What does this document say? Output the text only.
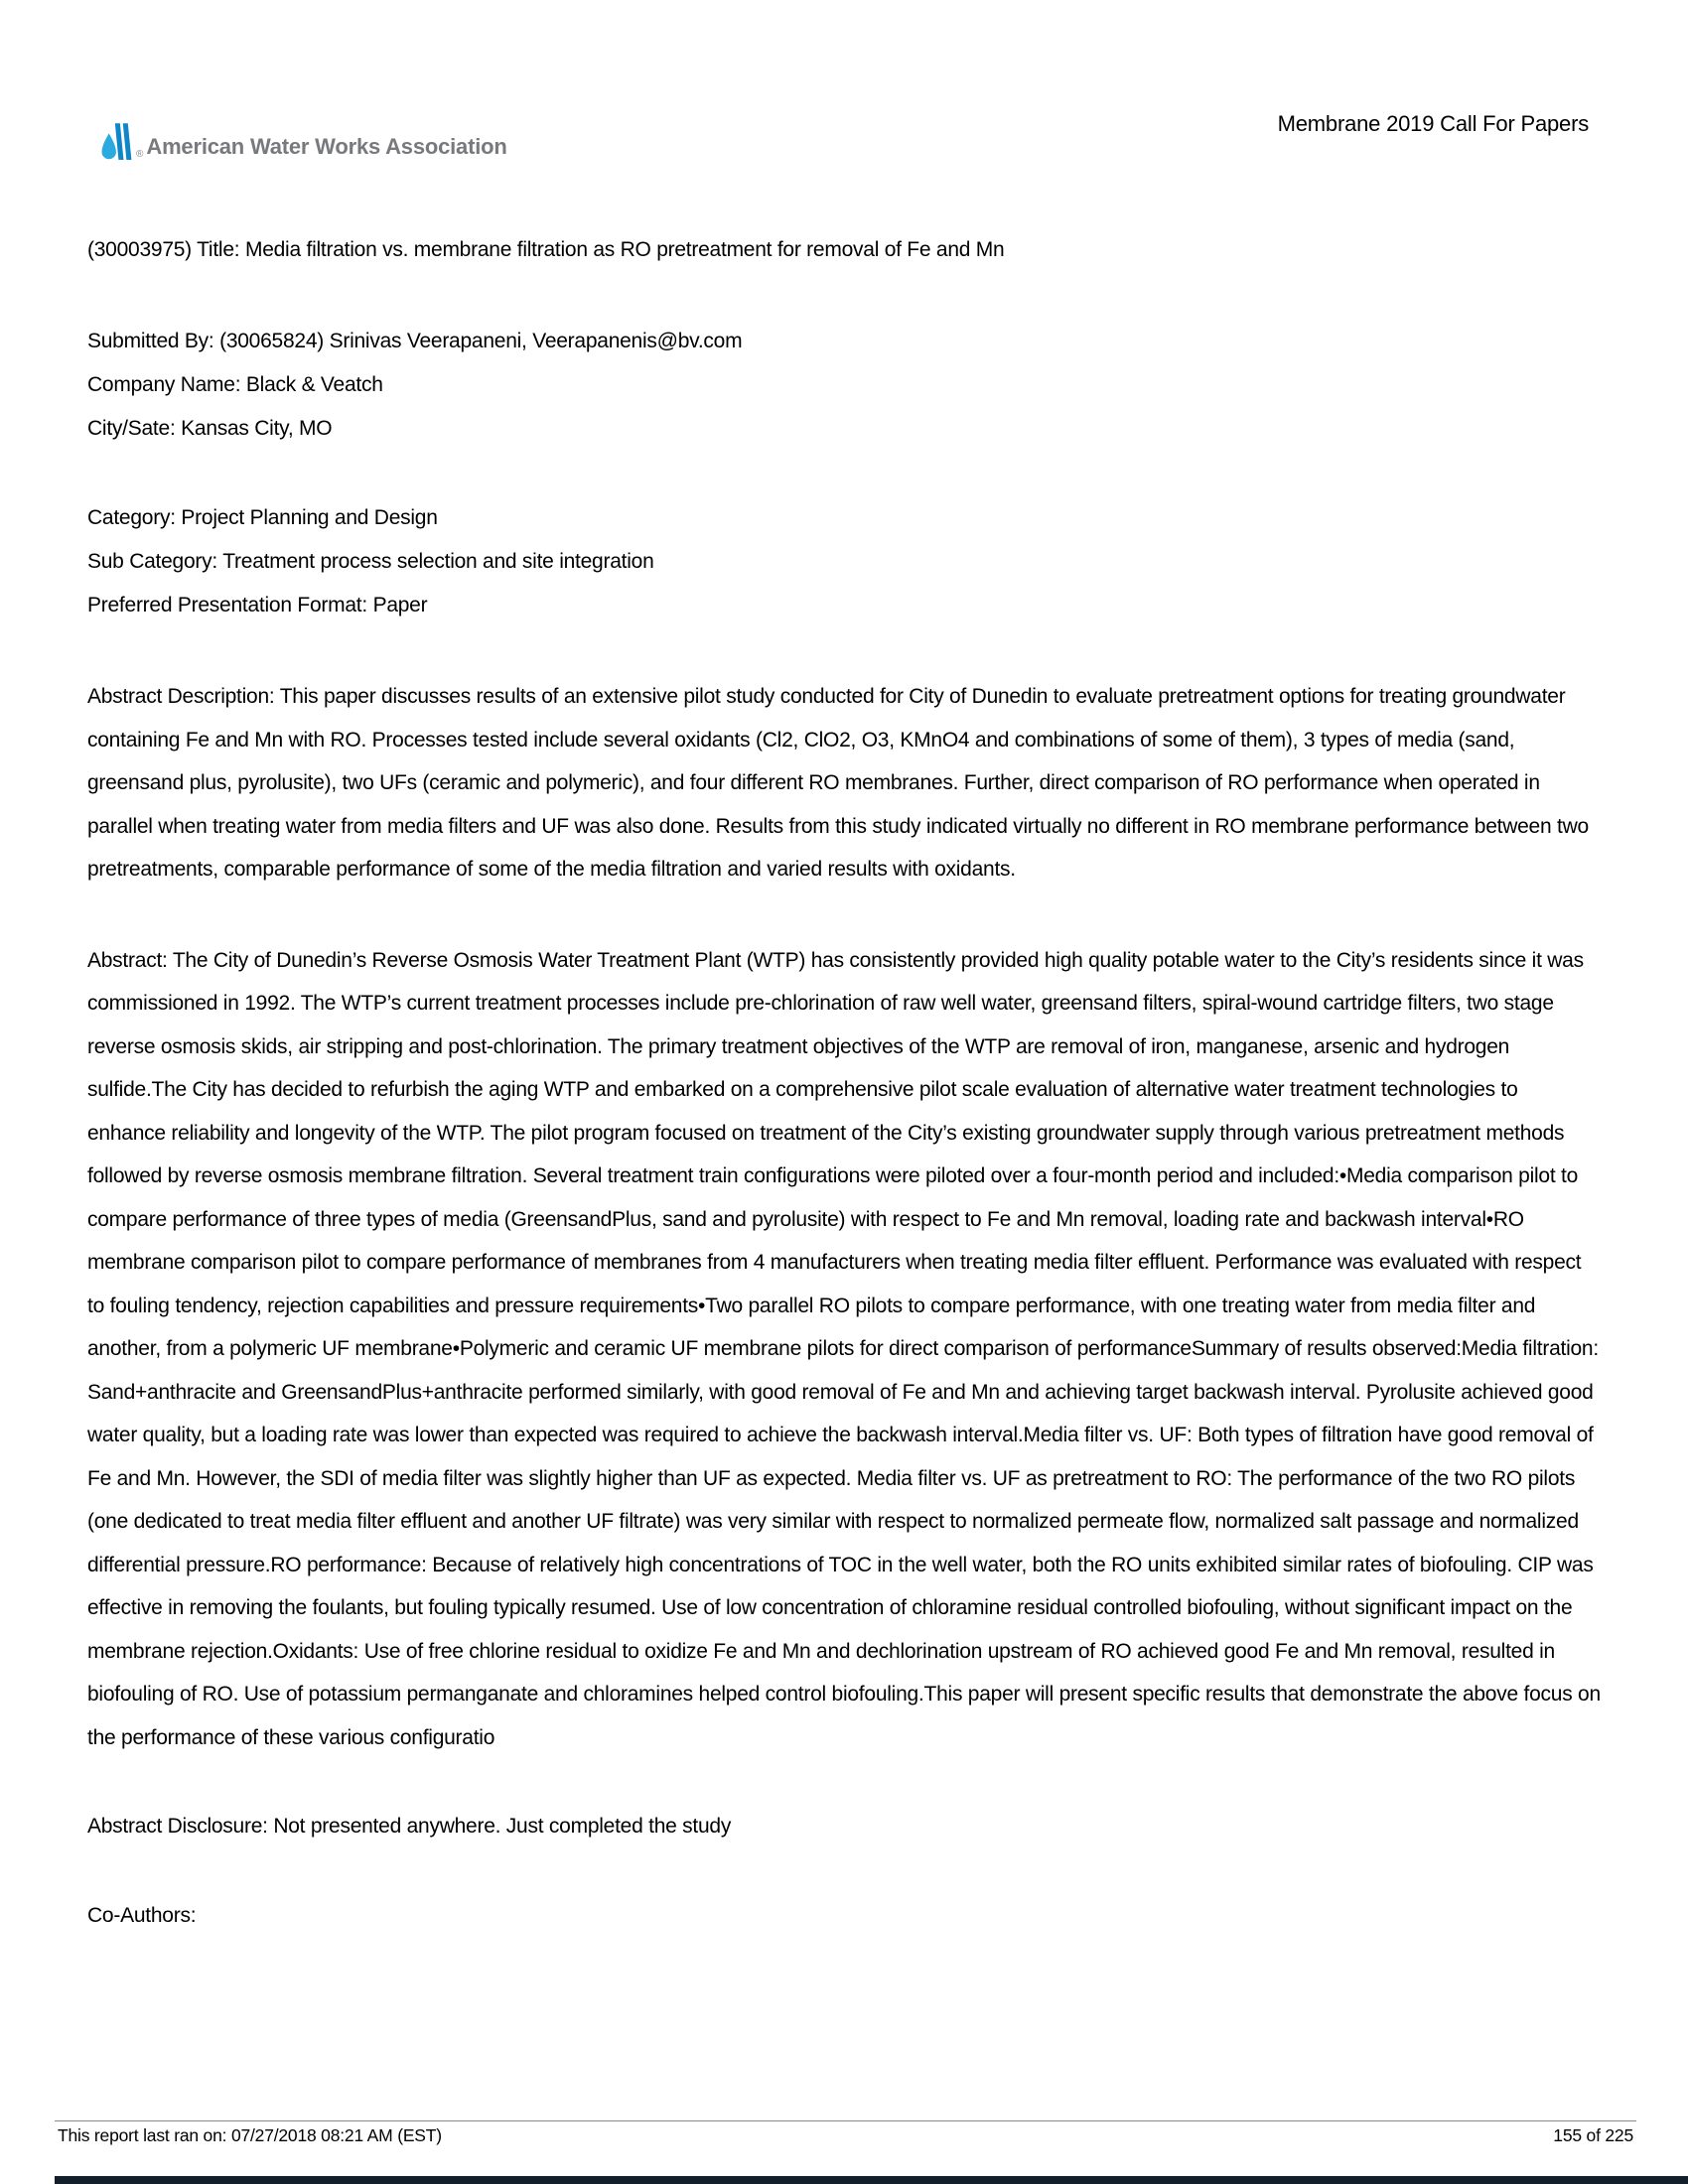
® American Water Works Association
Membrane 2019 Call For Papers

(30003975) Title: Media filtration vs. membrane filtration as RO pretreatment for removal of Fe and Mn

Submitted By: (30065824) Srinivas Veerapaneni, Veerapanenis@bv.com

Company Name: Black & Veatch

City/Sate: Kansas City, MO

Category: Project Planning and Design

Sub Category: Treatment process selection and site integration

Preferred Presentation Format: Paper

Abstract Description: This paper discusses results of an extensive pilot study conducted for City of Dunedin to evaluate pretreatment options for treating groundwater containing Fe and Mn with RO. Processes tested include several oxidants (Cl2, ClO2, O3, KMnO4 and combinations of some of them), 3 types of media (sand, greensand plus, pyrolusite), two UFs (ceramic and polymeric), and four different RO membranes. Further, direct comparison of RO performance when operated in parallel when treating water from media filters and UF was also done. Results from this study indicated virtually no different in RO membrane performance between two pretreatments, comparable performance of some of the media filtration and varied results with oxidants.

Abstract: The City of Dunedin’s Reverse Osmosis Water Treatment Plant (WTP) has consistently provided high quality potable water to the City’s residents since it was commissioned in 1992. The WTP’s current treatment processes include pre-chlorination of raw well water, greensand filters, spiral-wound cartridge filters, two stage reverse osmosis skids, air stripping and post-chlorination. The primary treatment objectives of the WTP are removal of iron, manganese, arsenic and hydrogen sulfide.The City has decided to refurbish the aging WTP and embarked on a comprehensive pilot scale evaluation of alternative water treatment technologies to enhance reliability and longevity of the WTP. The pilot program focused on treatment of the City’s existing groundwater supply through various pretreatment methods followed by reverse osmosis membrane filtration. Several treatment train configurations were piloted over a four-month period and included:•Media comparison pilot to compare performance of three types of media (GreensandPlus, sand and pyrolusite) with respect to Fe and Mn removal, loading rate and backwash interval•RO membrane comparison pilot to compare performance of membranes from 4 manufacturers when treating media filter effluent. Performance was evaluated with respect to fouling tendency, rejection capabilities and pressure requirements•Two parallel RO pilots to compare performance, with one treating water from media filter and another, from a polymeric UF membrane•Polymeric and ceramic UF membrane pilots for direct comparison of performanceSummary of results observed:Media filtration: Sand+anthracite and GreensandPlus+anthracite performed similarly, with good removal of Fe and Mn and achieving target backwash interval. Pyrolusite achieved good water quality, but a loading rate was lower than expected was required to achieve the backwash interval.Media filter vs. UF: Both types of filtration have good removal of Fe and Mn. However, the SDI of media filter was slightly higher than UF as expected. Media filter vs. UF as pretreatment to RO: The performance of the two RO pilots (one dedicated to treat media filter effluent and another UF filtrate) was very similar with respect to normalized permeate flow, normalized salt passage and normalized differential pressure.RO performance: Because of relatively high concentrations of TOC in the well water, both the RO units exhibited similar rates of biofouling. CIP was effective in removing the foulants, but fouling typically resumed. Use of low concentration of chloramine residual controlled biofouling, without significant impact on the membrane rejection.Oxidants: Use of free chlorine residual to oxidize Fe and Mn and dechlorination upstream of RO achieved good Fe and Mn removal, resulted in biofouling of RO. Use of potassium permanganate and chloramines helped control biofouling.This paper will present specific results that demonstrate the above focus on the performance of these various configuratio

Abstract Disclosure: Not presented anywhere. Just completed the study

Co-Authors:

This report last ran on: 07/27/2018 08:21 AM (EST)	155 of 225
